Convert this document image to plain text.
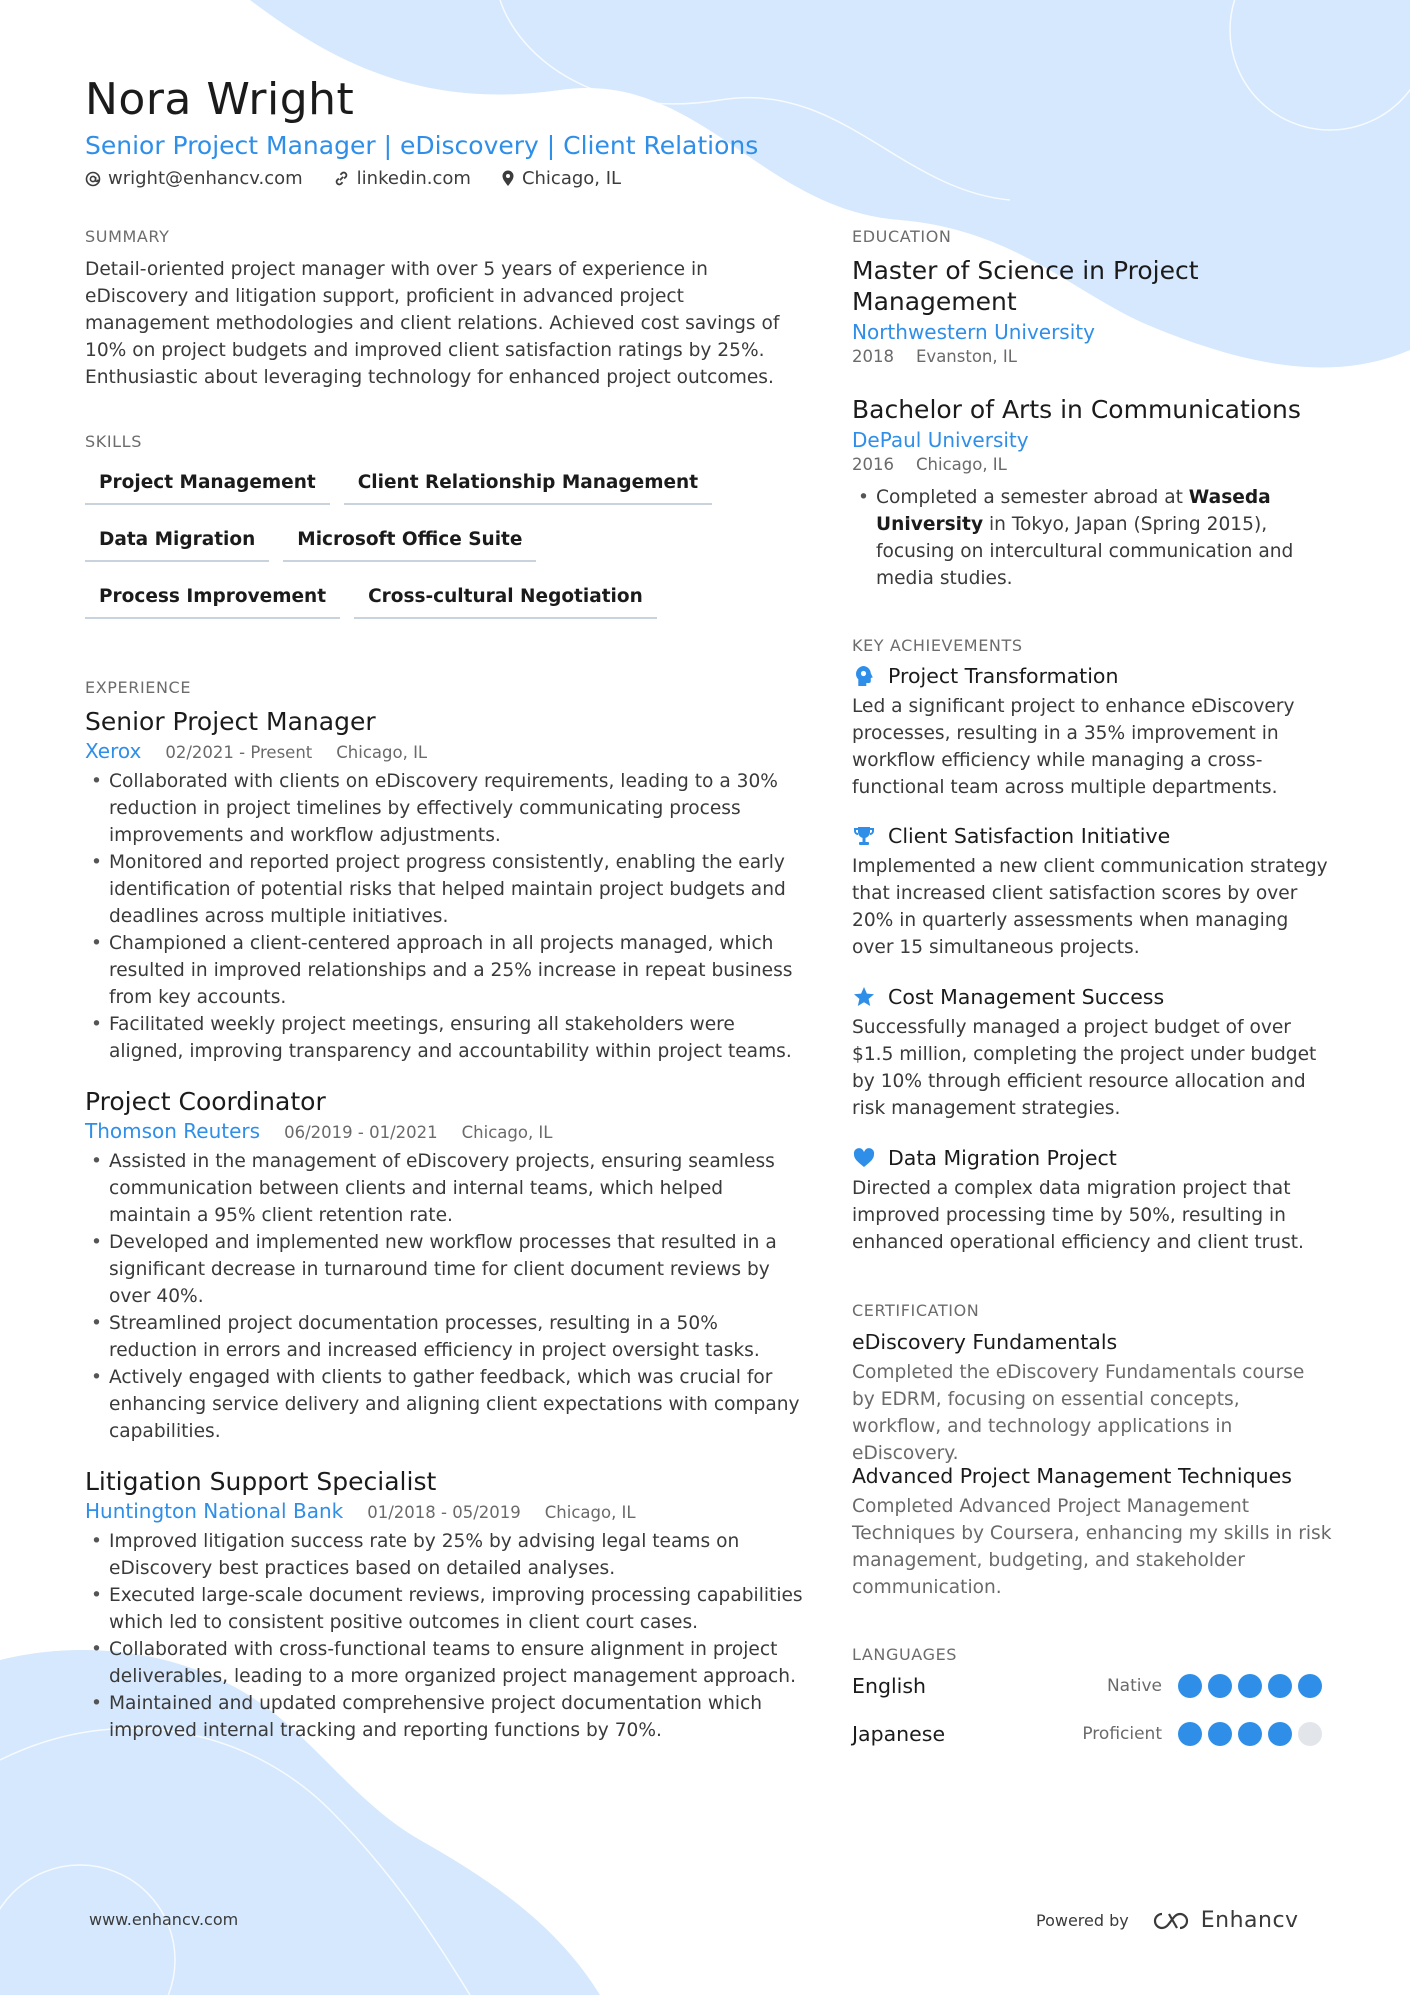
Nora Wright
Senior Project Manager | eDiscovery | Client Relations
wright@enhancv.com	linkedin.com	Chicago, IL
SUMMARY
Detail-oriented project manager with over 5 years of experience in eDiscovery and litigation support, proficient in advanced project management methodologies and client relations. Achieved cost savings of 10% on project budgets and improved client satisfaction ratings by 25%. Enthusiastic about leveraging technology for enhanced project outcomes.
SKILLS
Project Management	Client Relationship Management
Data Migration	Microsoft Office Suite
Process Improvement	Cross-cultural Negotiation
EXPERIENCE
Senior Project Manager
Xerox 02/2021 - Present Chicago, IL
• Collaborated with clients on eDiscovery requirements, leading to a 30% reduction in project timelines by effectively communicating process improvements and workflow adjustments.
• Monitored and reported project progress consistently, enabling the early identification of potential risks that helped maintain project budgets and deadlines across multiple initiatives.
• Championed a client-centered approach in all projects managed, which resulted in improved relationships and a 25% increase in repeat business from key accounts.
• Facilitated weekly project meetings, ensuring all stakeholders were aligned, improving transparency and accountability within project teams.
Project Coordinator
Thomson Reuters 06/2019 - 01/2021 Chicago, IL
• Assisted in the management of eDiscovery projects, ensuring seamless communication between clients and internal teams, which helped maintain a 95% client retention rate.
• Developed and implemented new workflow processes that resulted in a significant decrease in turnaround time for client document reviews by over 40%.
• Streamlined project documentation processes, resulting in a 50% reduction in errors and increased efficiency in project oversight tasks.
• Actively engaged with clients to gather feedback, which was crucial for enhancing service delivery and aligning client expectations with company capabilities.
Litigation Support Specialist
Huntington National Bank 01/2018 - 05/2019 Chicago, IL
• Improved litigation success rate by 25% by advising legal teams on eDiscovery best practices based on detailed analyses.
• Executed large-scale document reviews, improving processing capabilities which led to consistent positive outcomes in client court cases.
• Collaborated with cross-functional teams to ensure alignment in project deliverables, leading to a more organized project management approach.
• Maintained and updated comprehensive project documentation which improved internal tracking and reporting functions by 70%.
EDUCATION
Master of Science in Project Management
Northwestern University
2018 Evanston, IL
Bachelor of Arts in Communications
DePaul University
2016 Chicago, IL
• Completed a semester abroad at Waseda University in Tokyo, Japan (Spring 2015), focusing on intercultural communication and media studies.
KEY ACHIEVEMENTS
Project Transformation
Led a significant project to enhance eDiscovery processes, resulting in a 35% improvement in workflow efficiency while managing a cross-functional team across multiple departments.
Client Satisfaction Initiative
Implemented a new client communication strategy that increased client satisfaction scores by over 20% in quarterly assessments when managing over 15 simultaneous projects.
Cost Management Success
Successfully managed a project budget of over $1.5 million, completing the project under budget by 10% through efficient resource allocation and risk management strategies.
Data Migration Project
Directed a complex data migration project that improved processing time by 50%, resulting in enhanced operational efficiency and client trust.
CERTIFICATION
eDiscovery Fundamentals
Completed the eDiscovery Fundamentals course by EDRM, focusing on essential concepts, workflow, and technology applications in eDiscovery.
Advanced Project Management Techniques
Completed Advanced Project Management Techniques by Coursera, enhancing my skills in risk management, budgeting, and stakeholder communication.
LANGUAGES
English	Native
Japanese	Proficient
www.enhancv.com	Powered by	Enhancv
